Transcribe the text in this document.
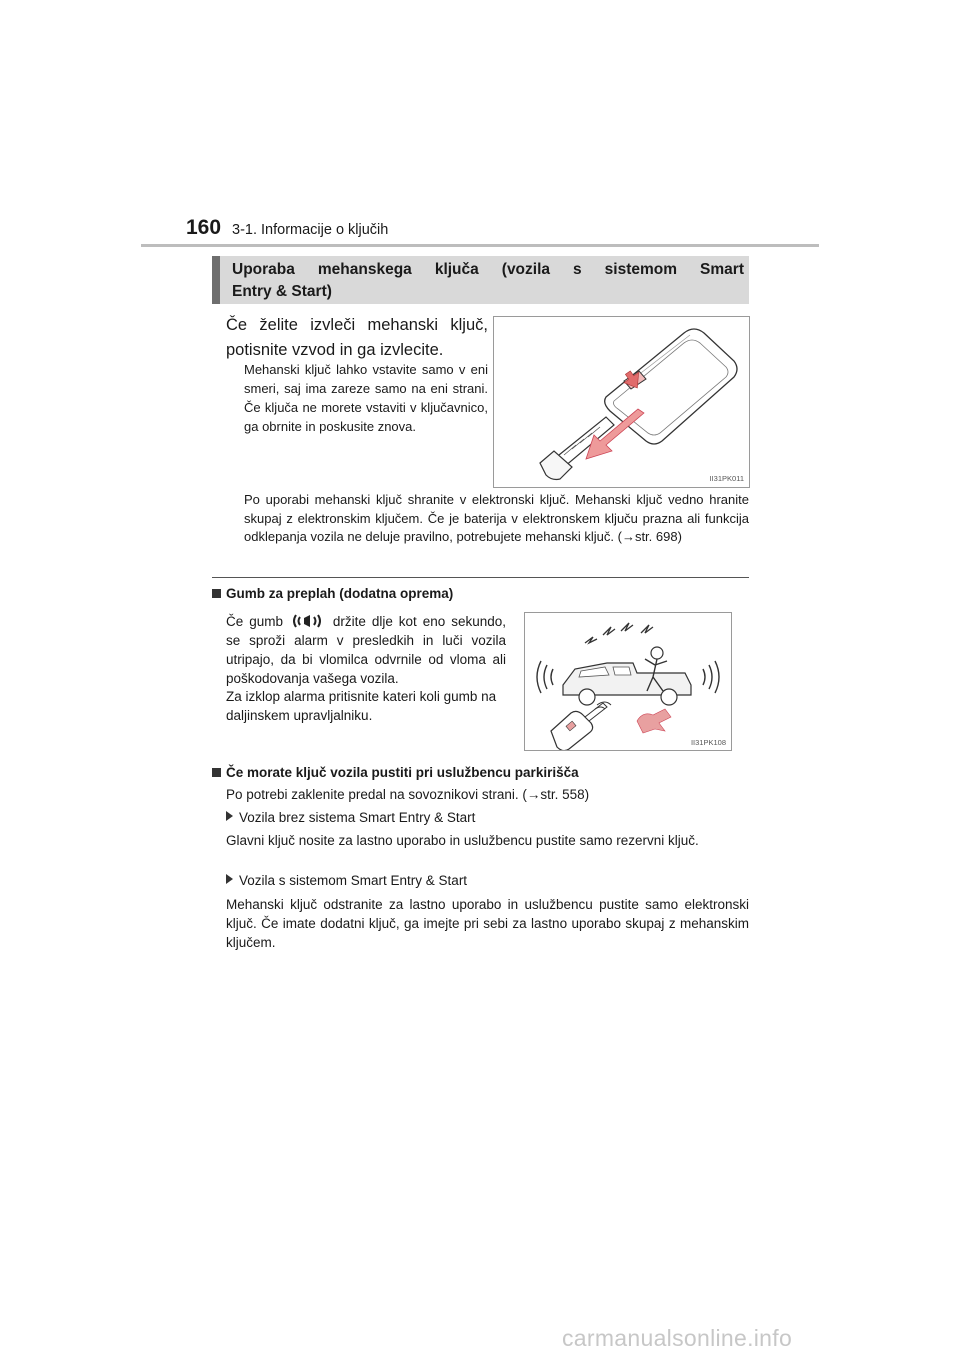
160 3-1. Informacije o ključih
Uporaba mehanskega ključa (vozila s sistemom Smart
Entry & Start)
Če želite izvleči mehanski ključ, potisnite vzvod in ga izvlecite.
Mehanski ključ lahko vstavite samo v eni smeri, saj ima zareze samo na eni strani. Če ključa ne morete vstaviti v ključavnico, ga obrnite in poskusite znova.
II31PK011
Po uporabi mehanski ključ shranite v elektronski ključ. Mehanski ključ vedno hranite skupaj z elektronskim ključem. Če je baterija v elektronskem ključu prazna ali funkcija odklepanja vozila ne deluje pravilno, potrebujete mehanski ključ. (→str. 698)
Gumb za preplah (dodatna oprema)
Če gumb	držite dlje kot eno sekundo, se sproži alarm v presledkih in luči vozila utripajo, da bi vlomilca odvrnile od vloma ali poškodovanja vašega vozila.
Za izklop alarma pritisnite kateri koli gumb na daljinskem upravljalniku.
II31PK108
Če morate ključ vozila pustiti pri uslužbencu parkirišča
Po potrebi zaklenite predal na sovoznikovi strani. (→str. 558)
Vozila brez sistema Smart Entry & Start
Glavni ključ nosite za lastno uporabo in uslužbencu pustite samo rezervni ključ.
Vozila s sistemom Smart Entry & Start
Mehanski ključ odstranite za lastno uporabo in uslužbencu pustite samo elektronski ključ. Če imate dodatni ključ, ga imejte pri sebi za lastno uporabo skupaj z mehanskim ključem.
carmanualsonline.info
